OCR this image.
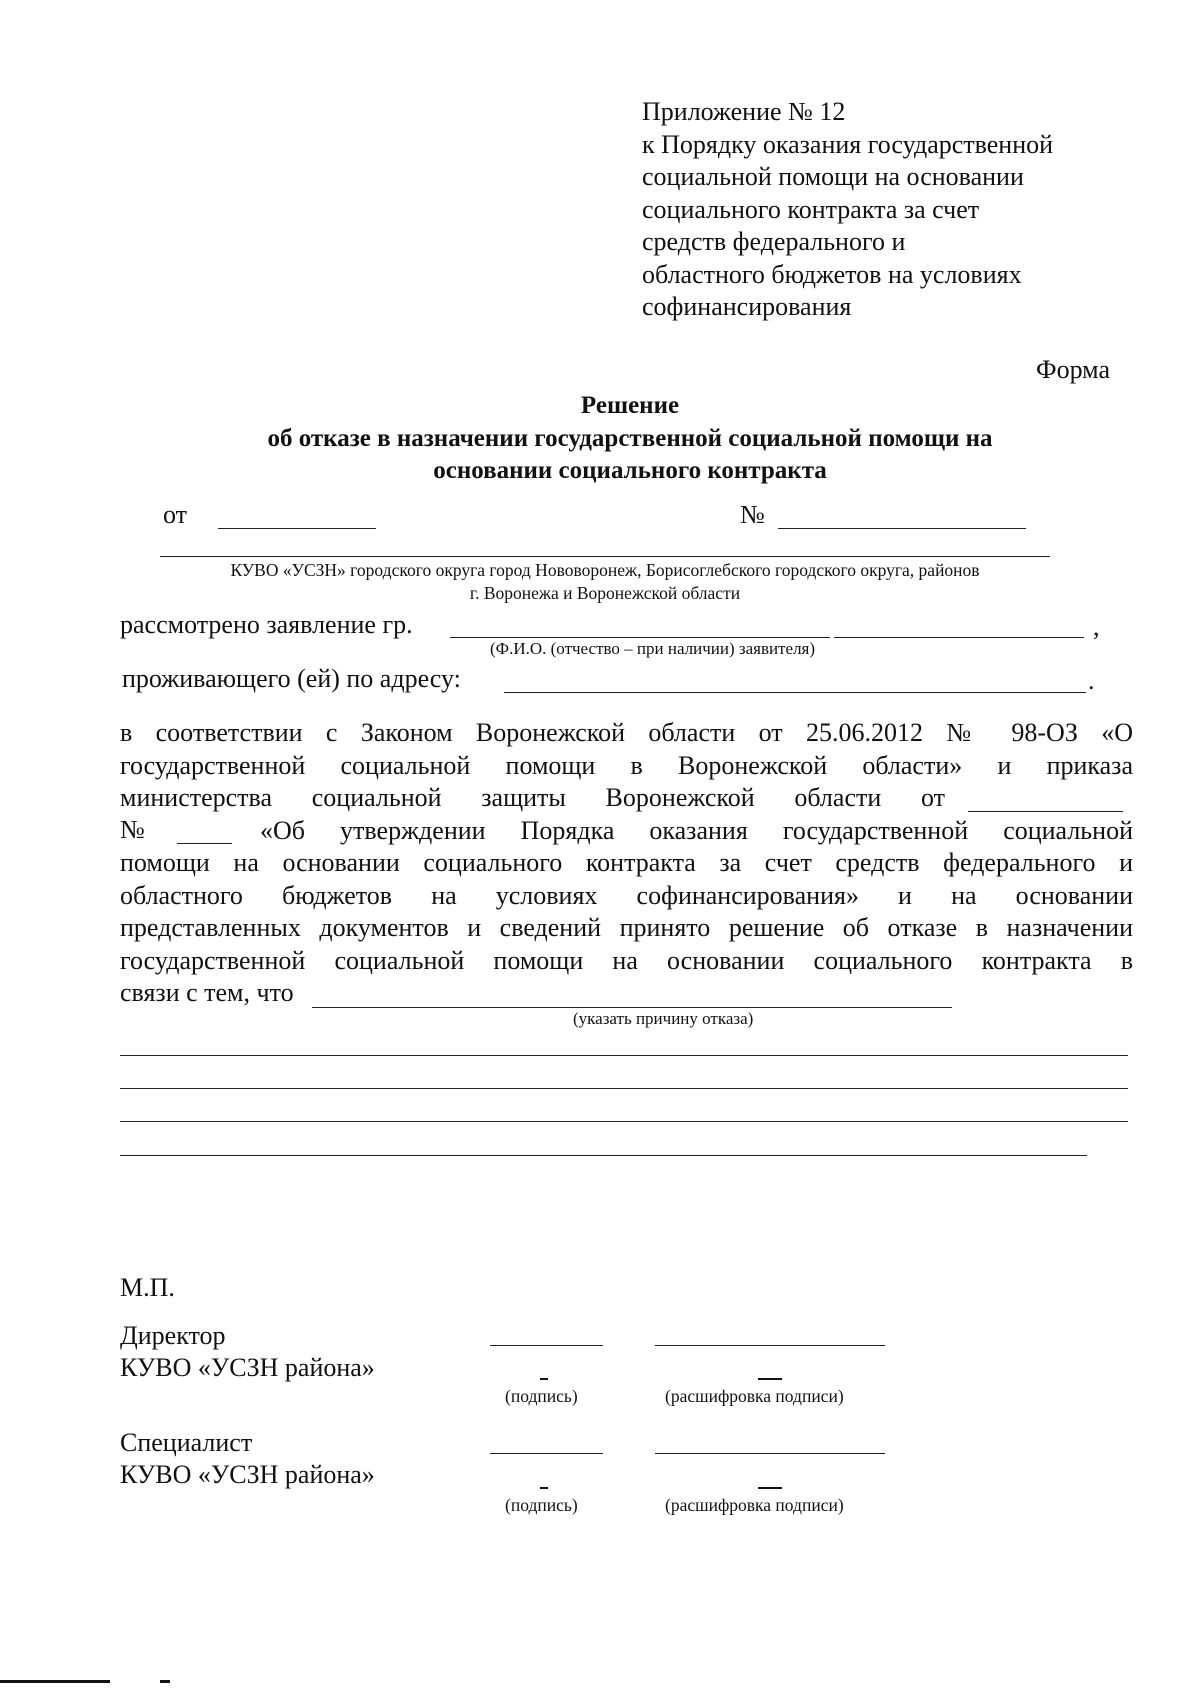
Приложение № 12
к Порядку оказания государственной
социальной помощи на основании
социального контракта за счет
средств федерального и
областного бюджетов на условиях
софинансирования
Форма
Решение
об отказе в назначении государственной социальной помощи на
основании социального контракта
от	№
КУВО «УСЗН» городского округа город Нововоронеж, Борисоглебского городского округа, районов
г. Воронежа и Воронежской области
рассмотрено заявление гр.	,
(Ф.И.О. (отчество – при наличии) заявителя)
проживающего (ей) по адресу:	.
в соответствии с Законом Воронежской области от 25.06.2012 № 98-ОЗ «О
государственной социальной помощи в Воронежской области» и приказа
министерства социальной защиты Воронежской области от
«Об утверждении Порядка оказания государственной социальной
помощи на основании социального контракта за счет средств федерального и
областного бюджетов на условиях софинансирования» и на основании
представленных документов и сведений принято решение об отказе в назначении
государственной социальной помощи на основании социального контракта в
связи с тем, что
№
(указать причину отказа)
М.П.
Директор
КУВО «УСЗН района»
(подпись)	(расшифровка подписи)
Специалист
КУВО «УСЗН района»
(подпись)	(расшифровка подписи)
